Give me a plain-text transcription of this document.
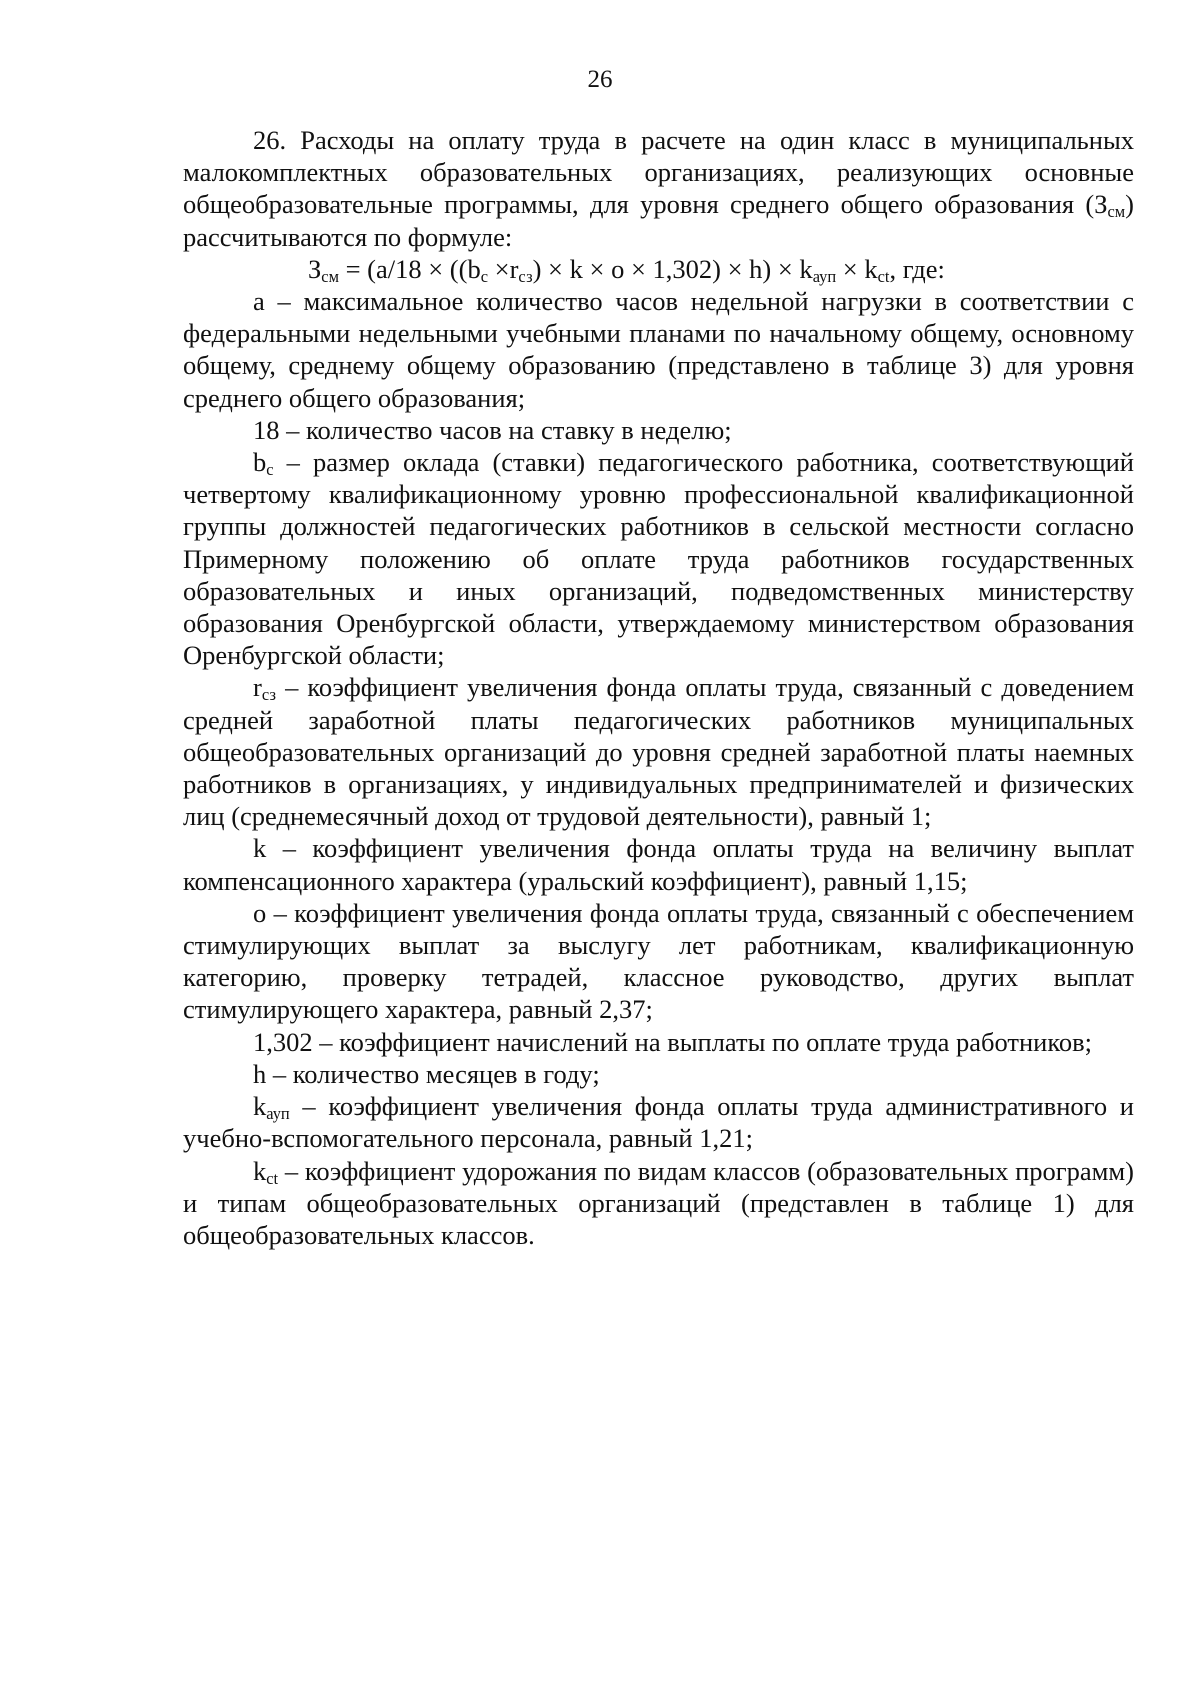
26

26. Расходы на оплату труда в расчете на один класс в муниципальных малокомплектных образовательных организациях, реализующих основные общеобразовательные программы, для уровня среднего общего образования $(З_{см})$ рассчитываются по формуле:

$З_{см} = (а/18 \times ((b_с \times r_{сз}) \times k \times o \times 1,302) \times h) \times k_{ауп} \times k_{ct}$, где:

а – максимальное количество часов недельной нагрузки в соответствии с федеральными недельными учебными планами по начальному общему, основному общему, среднему общему образованию (представлено в таблице 3) для уровня среднего общего образования;

18 – количество часов на ставку в неделю;

$b_с$ – размер оклада (ставки) педагогического работника, соответствующий четвертому квалификационному уровню профессиональной квалификационной группы должностей педагогических работников в сельской местности согласно Примерному положению об оплате труда работников государственных образовательных и иных организаций, подведомственных министерству образования Оренбургской области, утверждаемому министерством образования Оренбургской области;

$r_{сз}$ – коэффициент увеличения фонда оплаты труда, связанный с доведением средней заработной платы педагогических работников муниципальных общеобразовательных организаций до уровня средней заработной платы наемных работников в организациях, у индивидуальных предпринимателей и физических лиц (среднемесячный доход от трудовой деятельности), равный 1;

k – коэффициент увеличения фонда оплаты труда на величину выплат компенсационного характера (уральский коэффициент), равный 1,15;

o – коэффициент увеличения фонда оплаты труда, связанный с обеспечением стимулирующих выплат за выслугу лет работникам, квалификационную категорию, проверку тетрадей, классное руководство, других выплат стимулирующего характера, равный 2,37;

1,302 – коэффициент начислений на выплаты по оплате труда работников;

h – количество месяцев в году;

$k_{ауп}$ – коэффициент увеличения фонда оплаты труда административного и учебно-вспомогательного персонала, равный 1,21;

$k_{ct}$ – коэффициент удорожания по видам классов (образовательных программ) и типам общеобразовательных организаций (представлен в таблице 1) для общеобразовательных классов.
